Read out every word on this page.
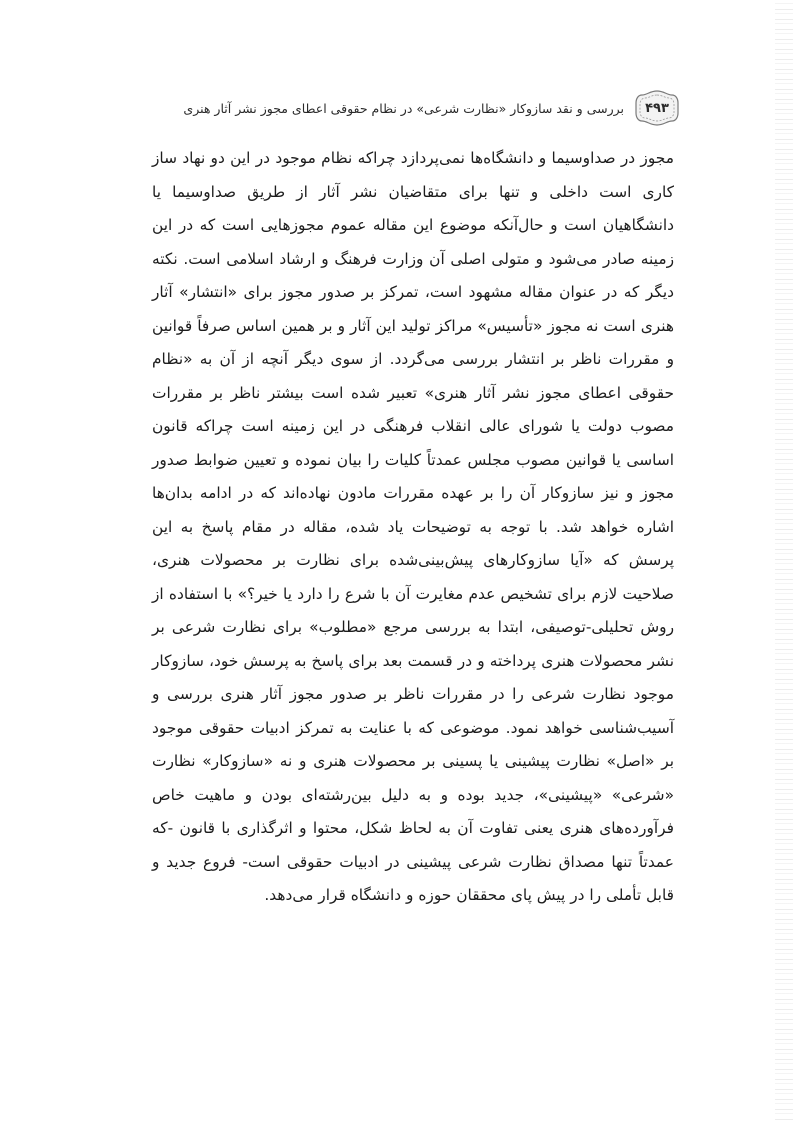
۴۹۳
بررسی و نقد سازوکار «نظارت شرعی» در نظام حقوقی اعطای مجوز نشر آثار هنری

مجوز در صداوسیما و دانشگاه‌ها نمی‌پردازد چراکه نظام موجود در این دو نهاد ساز کاری است داخلی و تنها برای متقاضیان نشر آثار از طریق صداوسیما یا دانشگاهیان است و حال‌آنکه موضوع این مقاله عموم مجوزهایی است که در این زمینه صادر می‌شود و متولی اصلی آن وزارت فرهنگ و ارشاد اسلامی است. نکته دیگر که در عنوان مقاله مشهود است، تمرکز بر صدور مجوز برای «انتشار» آثار هنری است نه مجوز «تأسیس» مراکز تولید این آثار و بر همین اساس صرفاً قوانین و مقررات ناظر بر انتشار بررسی می‌گردد. از سوی دیگر آنچه از آن به «نظام حقوقی اعطای مجوز نشر آثار هنری» تعبیر شده است بیشتر ناظر بر مقررات مصوب دولت یا شورای عالی انقلاب فرهنگی در این زمینه است چراکه قانون اساسی یا قوانین مصوب مجلس عمدتاً کلیات را بیان نموده و تعیین ضوابط صدور مجوز و نیز سازوکار آن را بر عهده مقررات مادون نهاده‌اند که در ادامه بدان‌ها اشاره خواهد شد. با توجه به توضیحات یاد شده، مقاله در مقام پاسخ به این پرسش که «آیا سازوکارهای پیش‌بینی‌شده برای نظارت بر محصولات هنری، صلاحیت لازم برای تشخیص عدم مغایرت آن با شرع را دارد یا خیر؟» با استفاده از روش تحلیلی-توصیفی، ابتدا به بررسی مرجع «مطلوب» برای نظارت شرعی بر نشر محصولات هنری پرداخته و در قسمت بعد برای پاسخ به پرسش خود، سازوکار موجود نظارت شرعی را در مقررات ناظر بر صدور مجوز آثار هنری بررسی و آسیب‌شناسی خواهد نمود. موضوعی که با عنایت به تمرکز ادبیات حقوقی موجود بر «اصل» نظارت پیشینی یا پسینی بر محصولات هنری و نه «سازوکار» نظارت «شرعی» «پیشینی»، جدید بوده و به دلیل بین‌رشته‌ای بودن و ماهیت خاص فرآورده‌های هنری یعنی تفاوت آن به لحاظ شکل، محتوا و اثرگذاری با قانون -که عمدتاً تنها مصداق نظارت شرعی پیشینی در ادبیات حقوقی است- فروع جدید و قابل تأملی را در پیش پای محققان حوزه و دانشگاه قرار می‌دهد.
